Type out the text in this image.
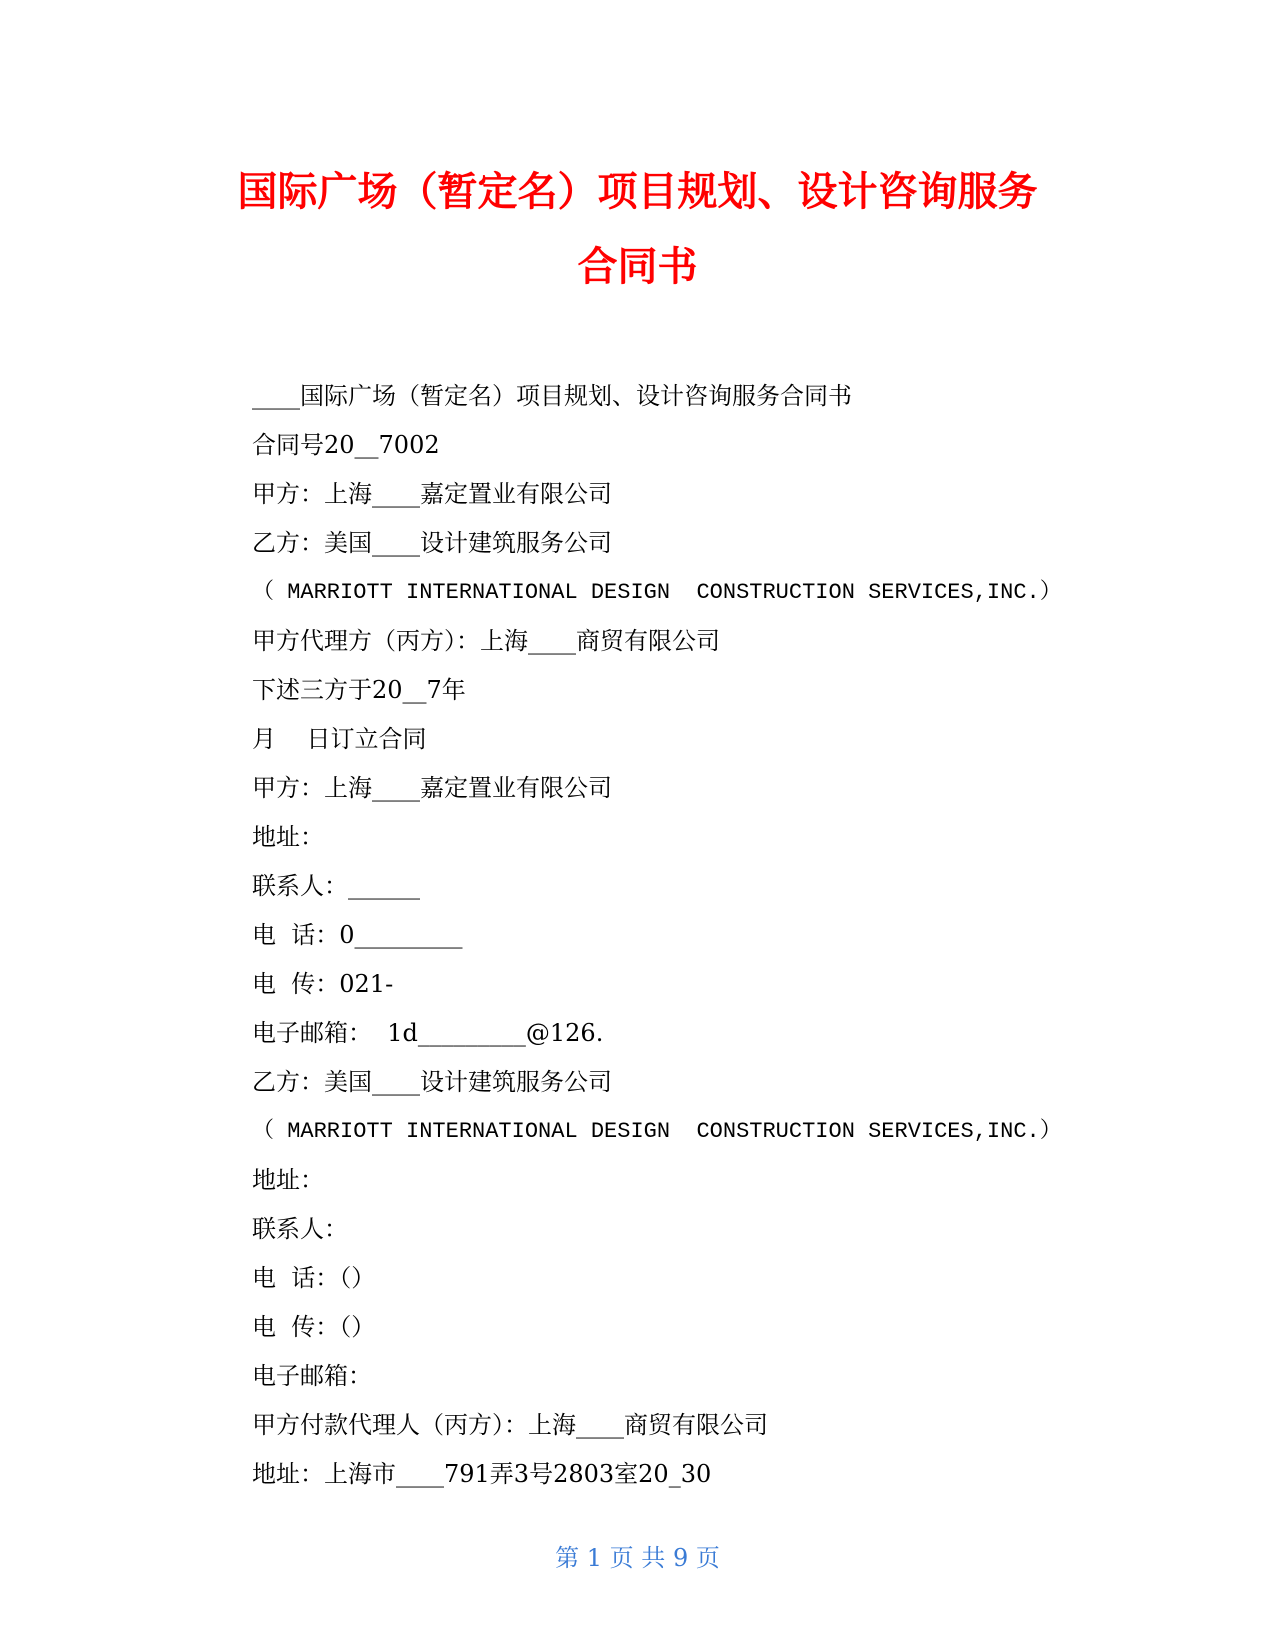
国际广场（暂定名）项目规划、设计咨询服务
合同书
____国际广场（暂定名）项目规划、设计咨询服务合同书
合同号20__7002
甲方：上海____嘉定置业有限公司
乙方：美国____设计建筑服务公司
（ MARRIOTT INTERNATIONAL DESIGN  CONSTRUCTION SERVICES,INC.）
甲方代理方（丙方）：上海____商贸有限公司
下述三方于20__7年
月    日订立合同
甲方：上海____嘉定置业有限公司
地址：
联系人：______
电  话：0_________
电  传：021-
电子邮箱：  1d_________@126.
乙方：美国____设计建筑服务公司
（ MARRIOTT INTERNATIONAL DESIGN  CONSTRUCTION SERVICES,INC.）
地址：
联系人：
电  话：（）
电  传：（）
电子邮箱：
甲方付款代理人（丙方）：上海____商贸有限公司
地址：上海市____791弄3号2803室20_30
第 1 页 共 9 页
